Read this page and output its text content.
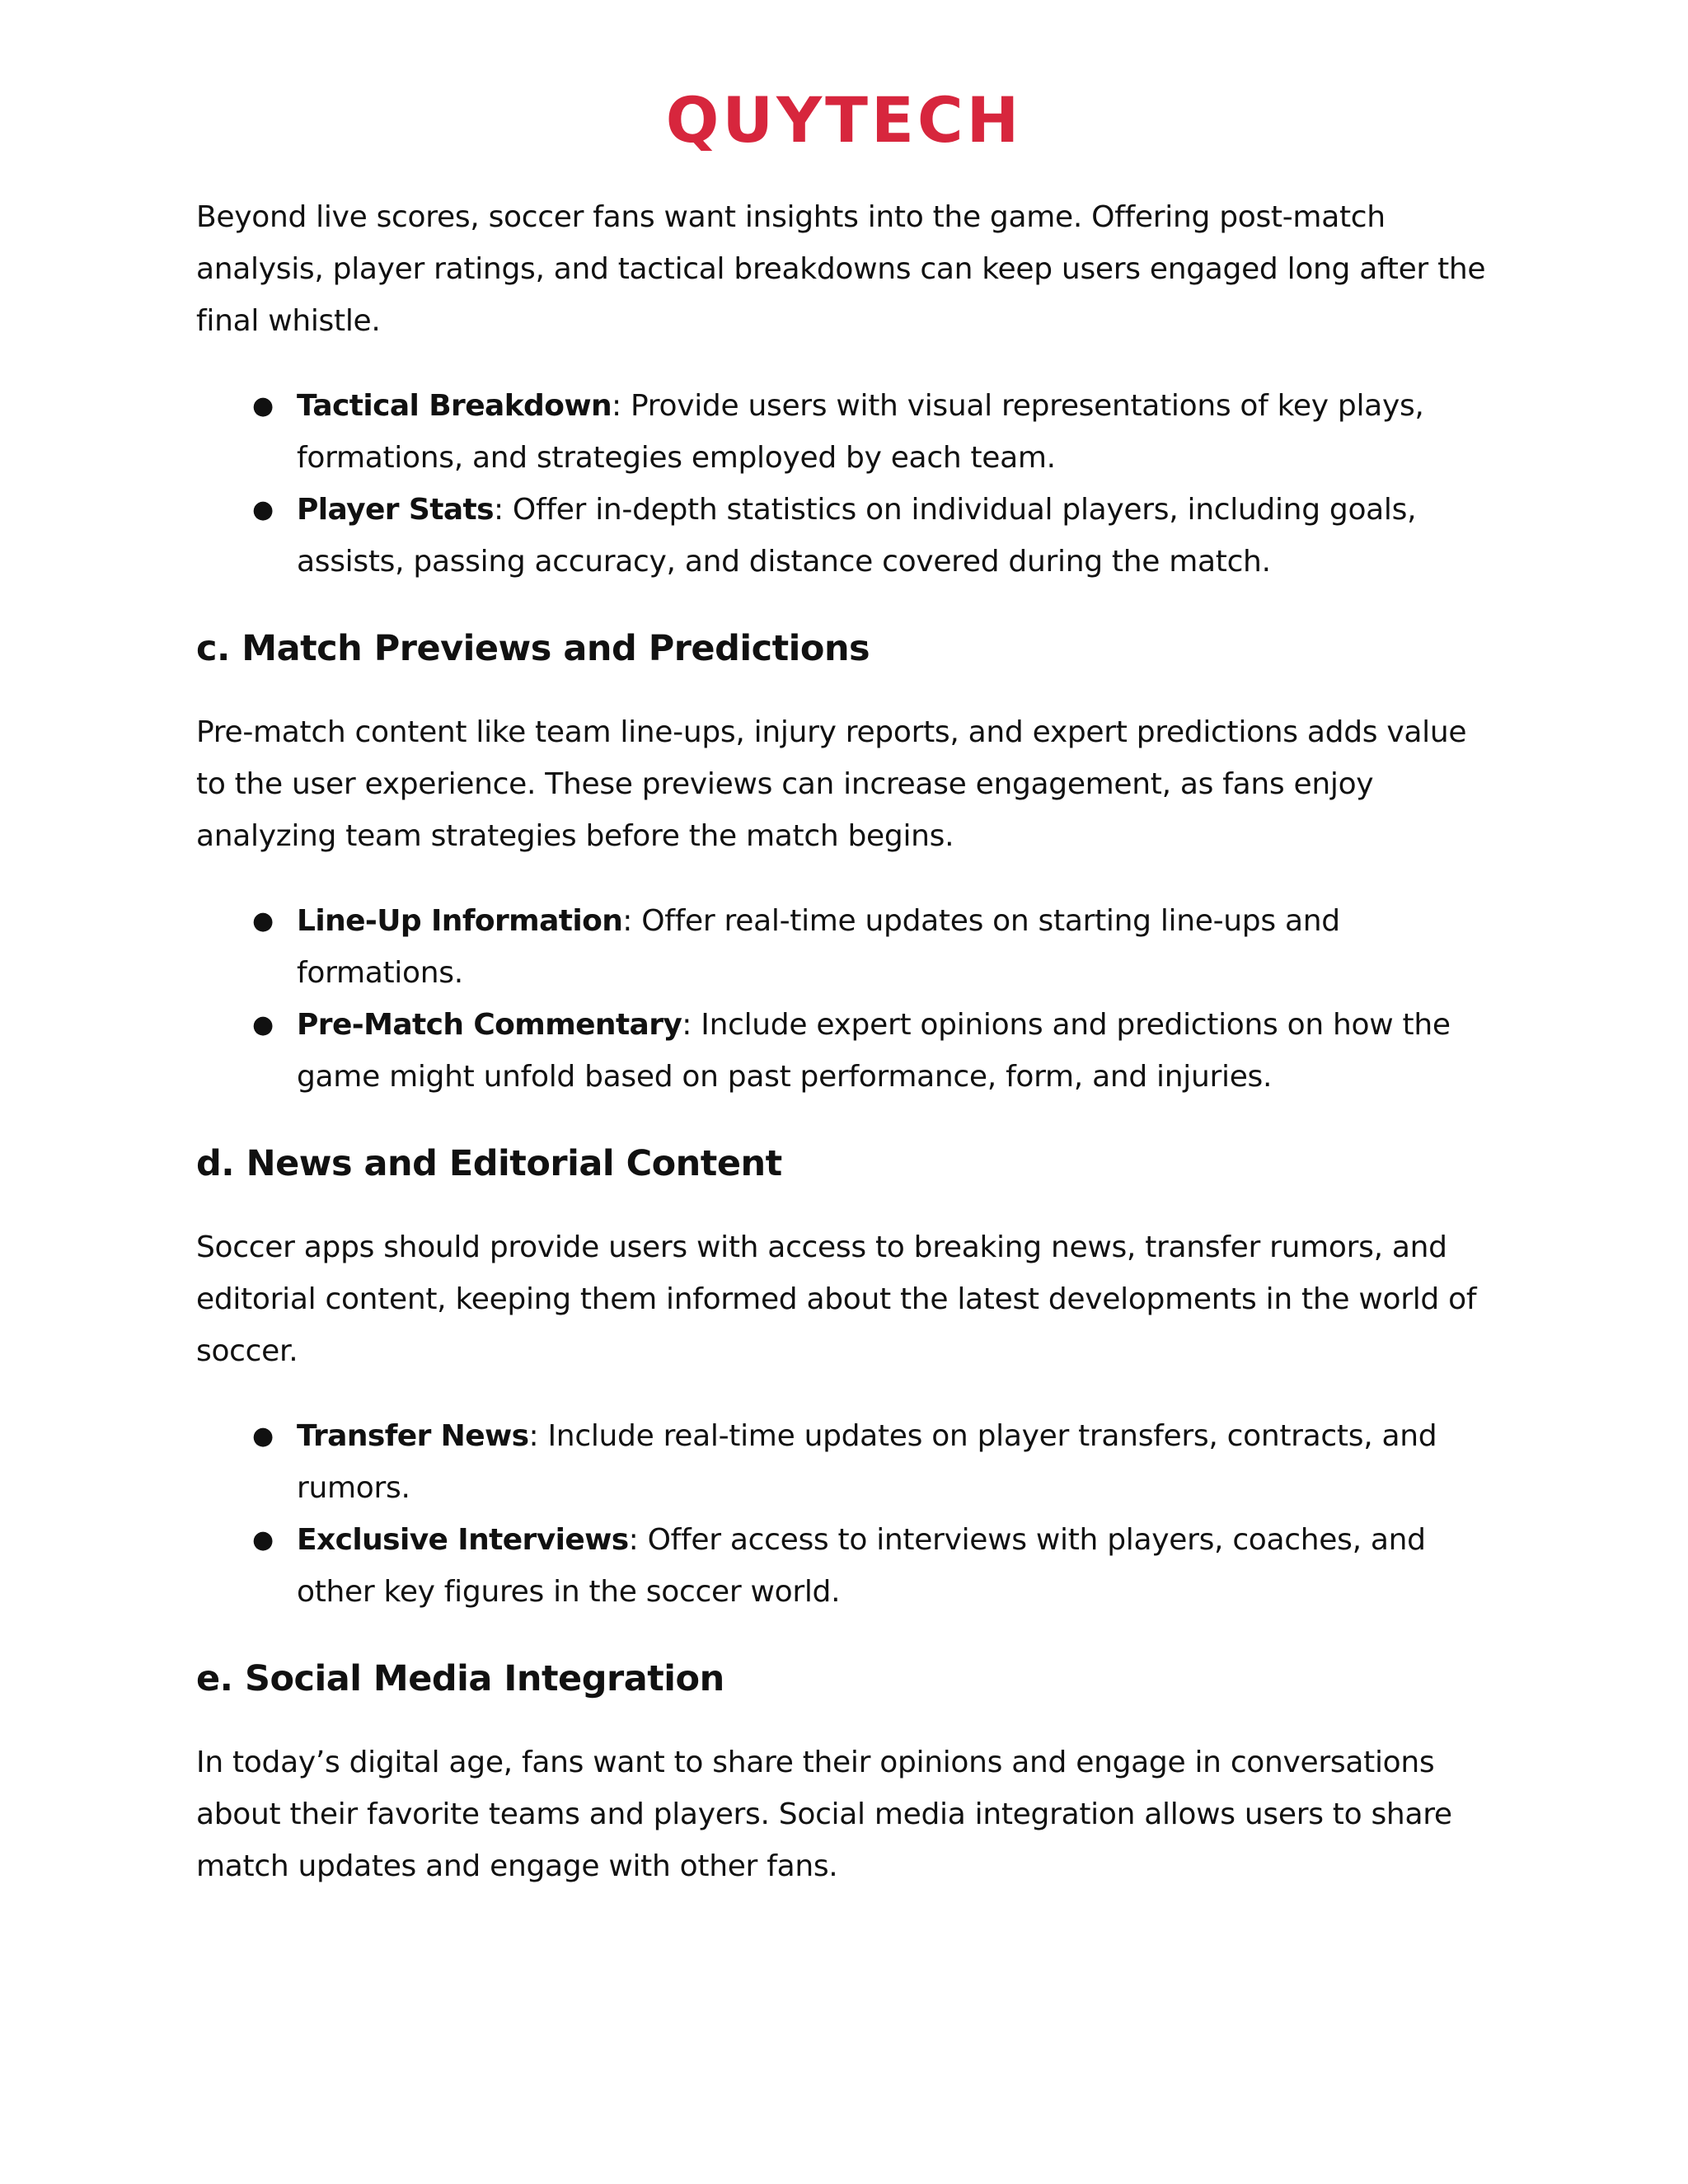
QUYTECH

Beyond live scores, soccer fans want insights into the game. Offering post-match analysis, player ratings, and tactical breakdowns can keep users engaged long after the final whistle.

● Tactical Breakdown: Provide users with visual representations of key plays, formations, and strategies employed by each team.
● Player Stats: Offer in-depth statistics on individual players, including goals, assists, passing accuracy, and distance covered during the match.
c. Match Previews and Predictions

Pre-match content like team line-ups, injury reports, and expert predictions adds value to the user experience. These previews can increase engagement, as fans enjoy analyzing team strategies before the match begins.

● Line-Up Information: Offer real-time updates on starting line-ups and formations.
● Pre-Match Commentary: Include expert opinions and predictions on how the game might unfold based on past performance, form, and injuries.
d. News and Editorial Content

Soccer apps should provide users with access to breaking news, transfer rumors, and editorial content, keeping them informed about the latest developments in the world of soccer.

● Transfer News: Include real-time updates on player transfers, contracts, and rumors.
● Exclusive Interviews: Offer access to interviews with players, coaches, and other key figures in the soccer world.
e. Social Media Integration

In today’s digital age, fans want to share their opinions and engage in conversations about their favorite teams and players. Social media integration allows users to share match updates and engage with other fans.
